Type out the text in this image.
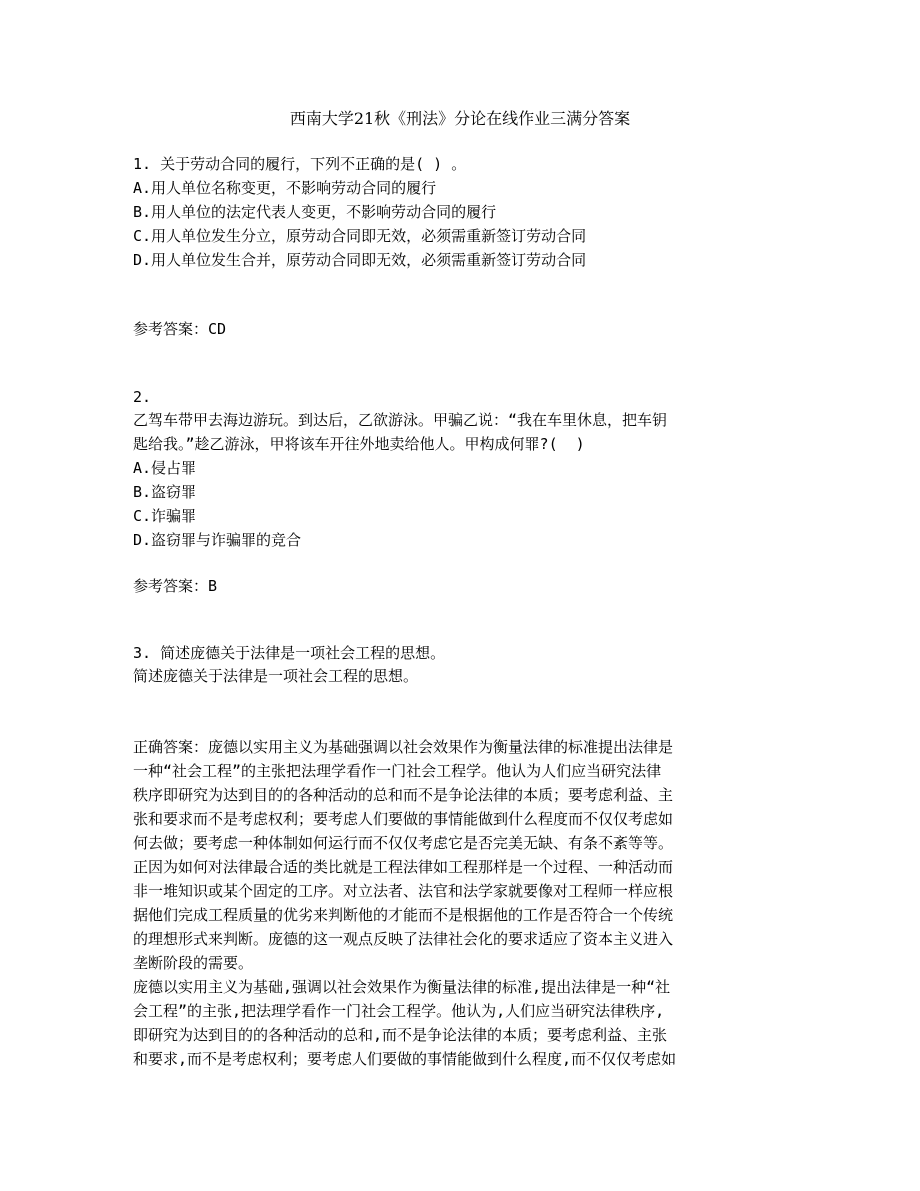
西南大学21秋《刑法》分论在线作业三满分答案
1. 关于劳动合同的履行，下列不正确的是( ) 。
A.用人单位名称变更，不影响劳动合同的履行
B.用人单位的法定代表人变更，不影响劳动合同的履行
C.用人单位发生分立，原劳动合同即无效，必须需重新签订劳动合同
D.用人单位发生合并，原劳动合同即无效，必须需重新签订劳动合同
参考答案：CD
2.
乙驾车带甲去海边游玩。到达后，乙欲游泳。甲骗乙说：“我在车里休息，把车钥
匙给我。”趁乙游泳，甲将该车开往外地卖给他人。甲构成何罪?(  )
A.侵占罪
B.盗窃罪
C.诈骗罪
D.盗窃罪与诈骗罪的竞合
参考答案：B
3. 简述庞德关于法律是一项社会工程的思想。
简述庞德关于法律是一项社会工程的思想。
正确答案：庞德以实用主义为基础强调以社会效果作为衡量法律的标准提出法律是
一种“社会工程”的主张把法理学看作一门社会工程学。他认为人们应当研究法律
秩序即研究为达到目的的各种活动的总和而不是争论法律的本质；要考虑利益、主
张和要求而不是考虑权利；要考虑人们要做的事情能做到什么程度而不仅仅考虑如
何去做；要考虑一种体制如何运行而不仅仅考虑它是否完美无缺、有条不紊等等。
正因为如何对法律最合适的类比就是工程法律如工程那样是一个过程、一种活动而
非一堆知识或某个固定的工序。对立法者、法官和法学家就要像对工程师一样应根
据他们完成工程质量的优劣来判断他的才能而不是根据他的工作是否符合一个传统
的理想形式来判断。庞德的这一观点反映了法律社会化的要求适应了资本主义进入
垄断阶段的需要。
庞德以实用主义为基础,强调以社会效果作为衡量法律的标准,提出法律是一种“社
会工程”的主张,把法理学看作一门社会工程学。他认为,人们应当研究法律秩序,
即研究为达到目的的各种活动的总和,而不是争论法律的本质；要考虑利益、主张
和要求,而不是考虑权利；要考虑人们要做的事情能做到什么程度,而不仅仅考虑如
